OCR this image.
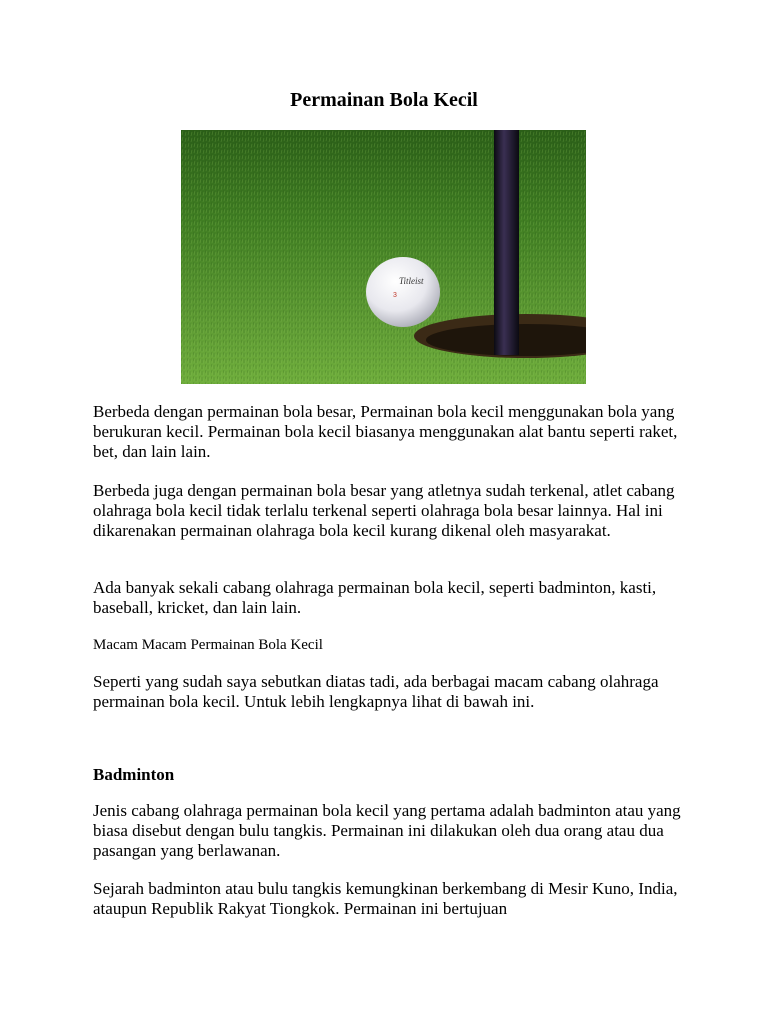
Permainan Bola Kecil
Titleist
3

Berbeda dengan permainan bola besar, Permainan bola kecil menggunakan bola yang berukuran kecil. Permainan bola kecil biasanya menggunakan alat bantu seperti raket, bet, dan lain lain.

Berbeda juga dengan permainan bola besar yang atletnya sudah terkenal, atlet cabang olahraga bola kecil tidak terlalu terkenal seperti olahraga bola besar lainnya. Hal ini dikarenakan permainan olahraga bola kecil kurang dikenal oleh masyarakat.

Ada banyak sekali cabang olahraga permainan bola kecil, seperti badminton, kasti, baseball, kricket, dan lain lain.

Macam Macam Permainan Bola Kecil

Seperti yang sudah saya sebutkan diatas tadi, ada berbagai macam cabang olahraga permainan bola kecil. Untuk lebih lengkapnya lihat di bawah ini.

Badminton

Jenis cabang olahraga permainan bola kecil yang pertama adalah badminton atau yang biasa disebut dengan bulu tangkis. Permainan ini dilakukan oleh dua orang atau dua pasangan yang berlawanan.

Sejarah badminton atau bulu tangkis kemungkinan berkembang di Mesir Kuno, India, ataupun Republik Rakyat Tiongkok. Permainan ini bertujuan
